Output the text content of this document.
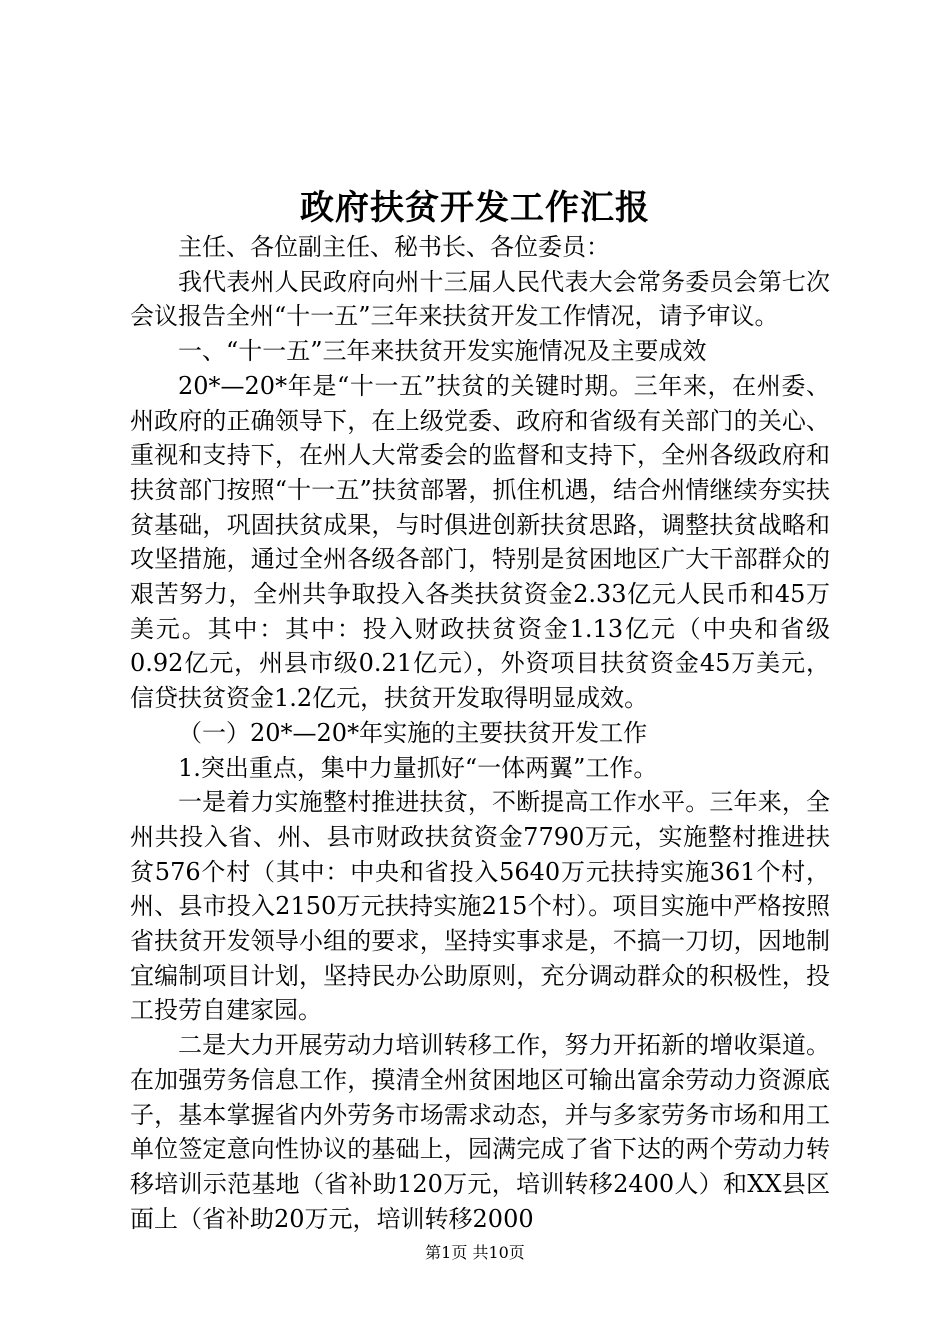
政府扶贫开发工作汇报

主任、各位副主任、秘书长、各位委员：

我代表州人民政府向州十三届人民代表大会常务委员会第七次会议报告全州“十一五”三年来扶贫开发工作情况，请予审议。

一、“十一五”三年来扶贫开发实施情况及主要成效

20*—20*年是“十一五”扶贫的关键时期。三年来，在州委、州政府的正确领导下，在上级党委、政府和省级有关部门的关心、重视和支持下，在州人大常委会的监督和支持下，全州各级政府和扶贫部门按照“十一五”扶贫部署，抓住机遇，结合州情继续夯实扶贫基础，巩固扶贫成果，与时俱进创新扶贫思路，调整扶贫战略和攻坚措施，通过全州各级各部门，特别是贫困地区广大干部群众的艰苦努力，全州共争取投入各类扶贫资金2.33亿元人民币和45万美元。其中：其中：投入财政扶贫资金1.13亿元（中央和省级0.92亿元，州县市级0.21亿元），外资项目扶贫资金45万美元，信贷扶贫资金1.2亿元，扶贫开发取得明显成效。

（一）20*—20*年实施的主要扶贫开发工作

1.突出重点，集中力量抓好“一体两翼”工作。

一是着力实施整村推进扶贫，不断提高工作水平。三年来，全州共投入省、州、县市财政扶贫资金7790万元，实施整村推进扶贫576个村（其中：中央和省投入5640万元扶持实施361个村，州、县市投入2150万元扶持实施215个村）。项目实施中严格按照省扶贫开发领导小组的要求，坚持实事求是，不搞一刀切，因地制宜编制项目计划，坚持民办公助原则，充分调动群众的积极性，投工投劳自建家园。

二是大力开展劳动力培训转移工作，努力开拓新的增收渠道。在加强劳务信息工作，摸清全州贫困地区可输出富余劳动力资源底子，基本掌握省内外劳务市场需求动态，并与多家劳务市场和用工单位签定意向性协议的基础上，园满完成了省下达的两个劳动力转移培训示范基地（省补助120万元，培训转移2400人）和XX县区面上（省补助20万元，培训转移2000

第1页 共10页
